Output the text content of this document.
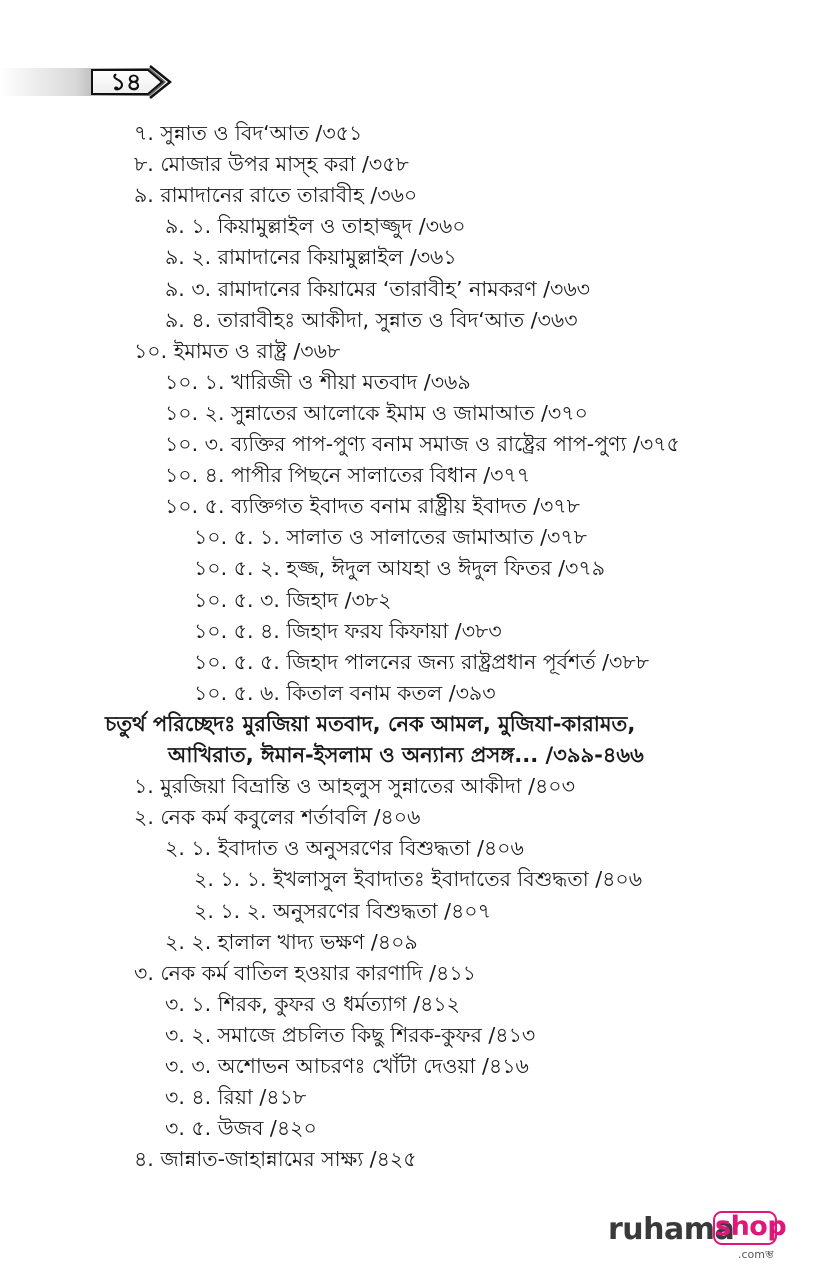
১৪
৭. সুন্নাত ও বিদ‘আত /৩৫১
৮. মোজার উপর মাস্হ করা /৩৫৮
৯. রামাদানের রাতে তারাবীহ /৩৬০
৯. ১. কিয়ামুল্লাইল ও তাহাজ্জুদ /৩৬০
৯. ২. রামাদানের কিয়ামুল্লাইল /৩৬১
৯. ৩. রামাদানের কিয়ামের ‘তারাবীহ’ নামকরণ /৩৬৩
৯. ৪. তারাবীহঃ আকীদা, সুন্নাত ও বিদ‘আত /৩৬৩
১০. ইমামত ও রাষ্ট্র /৩৬৮
১০. ১. খারিজী ও শীয়া মতবাদ /৩৬৯
১০. ২. সুন্নাতের আলোকে ইমাম ও জামাআত /৩৭০
১০. ৩. ব্যক্তির পাপ-পুণ্য বনাম সমাজ ও রাষ্ট্রের পাপ-পুণ্য /৩৭৫
১০. ৪. পাপীর পিছনে সালাতের বিধান /৩৭৭
১০. ৫. ব্যক্তিগত ইবাদত বনাম রাষ্ট্রীয় ইবাদত /৩৭৮
১০. ৫. ১. সালাত ও সালাতের জামাআত /৩৭৮
১০. ৫. ২. হজ্জ, ঈদুল আযহা ও ঈদুল ফিতর /৩৭৯
১০. ৫. ৩. জিহাদ /৩৮২
১০. ৫. ৪. জিহাদ ফরয কিফায়া /৩৮৩
১০. ৫. ৫. জিহাদ পালনের জন্য রাষ্ট্রপ্রধান পূর্বশর্ত /৩৮৮
১০. ৫. ৬. কিতাল বনাম কতল /৩৯৩
চতুর্থ পরিচ্ছেদঃ মুরজিয়া মতবাদ, নেক আমল, মুজিযা-কারামত,
আখিরাত, ঈমান-ইসলাম ও অন্যান্য প্রসঙ্গ... /৩৯৯-৪৬৬
১. মুরজিয়া বিভ্রান্তি ও আহলুস সুন্নাতের আকীদা /৪০৩
২. নেক কর্ম কবুলের শর্তাবলি /৪০৬
২. ১. ইবাদাত ও অনুসরণের বিশুদ্ধতা /৪০৬
২. ১. ১. ইখলাসুল ইবাদাতঃ ইবাদাতের বিশুদ্ধতা /৪০৬
২. ১. ২. অনুসরণের বিশুদ্ধতা /৪০৭
২. ২. হালাল খাদ্য ভক্ষণ /৪০৯
৩. নেক কর্ম বাতিল হওয়ার কারণাদি /৪১১
৩. ১. শিরক, কুফর ও ধর্মত্যাগ /৪১২
৩. ২. সমাজে প্রচলিত কিছু শিরক-কুফর /৪১৩
৩. ৩. অশোভন আচরণঃ খোঁটা দেওয়া /৪১৬
৩. ৪. রিয়া /৪১৮
৩. ৫. উজব /৪২০
৪. জান্নাত-জাহান্নামের সাক্ষ্য /৪২৫
ruhama
shop
.comম্ভ
